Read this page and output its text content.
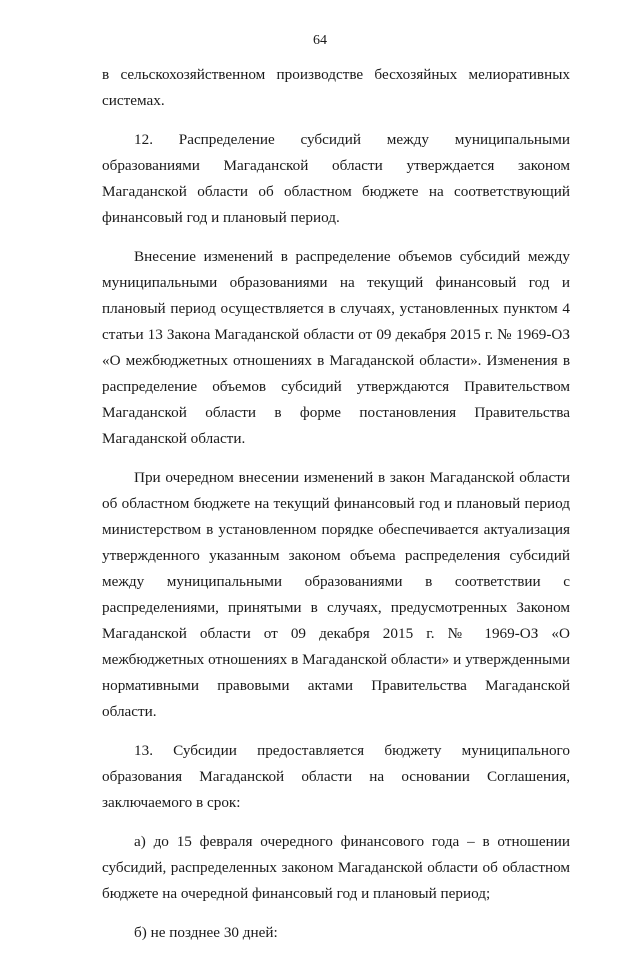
64

в сельскохозяйственном производстве бесхозяйных мелиоративных системах.

12. Распределение субсидий между муниципальными образованиями Магаданской области утверждается законом Магаданской области об областном бюджете на соответствующий финансовый год и плановый период.

Внесение изменений в распределение объемов субсидий между муниципальными образованиями на текущий финансовый год и плановый период осуществляется в случаях, установленных пунктом 4 статьи 13 Закона Магаданской области от 09 декабря 2015 г. № 1969-ОЗ «О межбюджетных отношениях в Магаданской области». Изменения в распределение объемов субсидий утверждаются Правительством Магаданской области в форме постановления Правительства Магаданской области.

При очередном внесении изменений в закон Магаданской области об областном бюджете на текущий финансовый год и плановый период министерством в установленном порядке обеспечивается актуализация утвержденного указанным законом объема распределения субсидий между муниципальными образованиями в соответствии с распределениями, принятыми в случаях, предусмотренных Законом Магаданской области от 09 декабря 2015 г. № 1969-ОЗ «О межбюджетных отношениях в Магаданской области» и утвержденными нормативными правовыми актами Правительства Магаданской области.

13. Субсидии предоставляется бюджету муниципального образования Магаданской области на основании Соглашения, заключаемого в срок:

а) до 15 февраля очередного финансового года – в отношении субсидий, распределенных законом Магаданской области об областном бюджете на очередной финансовый год и плановый период;

б) не позднее 30 дней:
